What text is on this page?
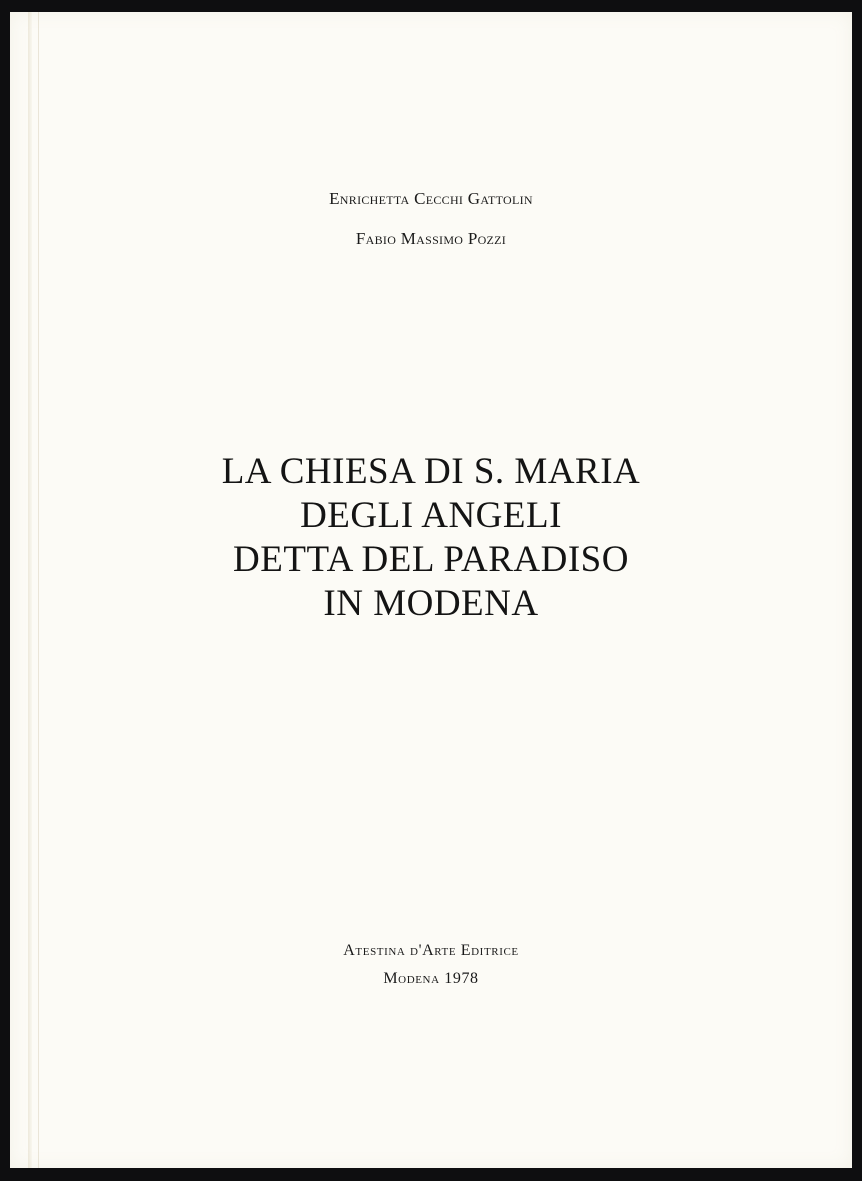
Enrichetta Cecchi Gattolin
Fabio Massimo Pozzi
LA CHIESA DI S. MARIA
DEGLI ANGELI
DETTA DEL PARADISO
IN MODENA
Atestina d'Arte Editrice
Modena 1978
